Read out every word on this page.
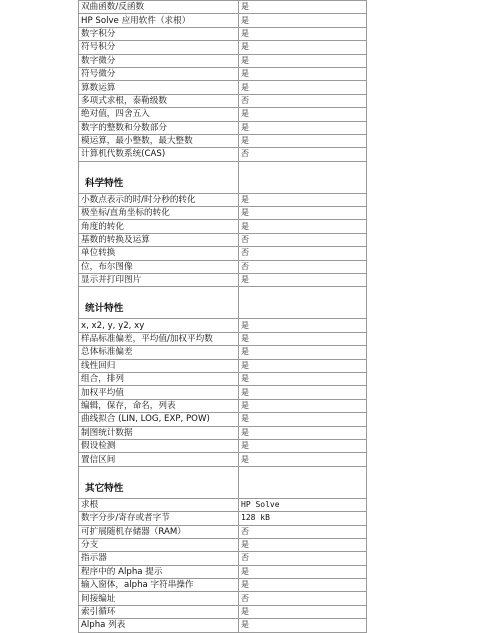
双曲函数/反函数	是
HP Solve 应用软件（求根）	是
数字积分	是
符号积分	是
数字微分	是
符号微分	是
算数运算	是
多项式求根，泰勒级数	否
绝对值，四舍五入	是
数字的整数和分数部分	是
模运算，最小整数，最大整数	是
计算机代数系统(CAS)	否

科学特性	
小数点表示的时/时分秒的转化	是
极坐标/直角坐标的转化	是
角度的转化	是
基数的转换及运算	否
单位转换	否
位，布尔图像	否
显示并打印图片	是

统计特性	
x, x2, y, y2, xy	是
样品标准偏差，平均值/加权平均数	是
总体标准偏差	是
线性回归	是
组合，排列	是
加权平均值	是
编辑，保存，命名，列表	是
曲线拟合 (LIN, LOG, EXP, POW)	是
制图统计数据	是
假设检测	是
置信区间	是

其它特性	
求根	HP Solve
数字分步/寄存或者字节	128 kB
可扩展随机存储器（RAM）	否
分支	是
指示器	否
程序中的 Alpha 提示	是
输入窗体，alpha 字符串操作	是
间接编址	否
索引循环	是
Alpha 列表	是
